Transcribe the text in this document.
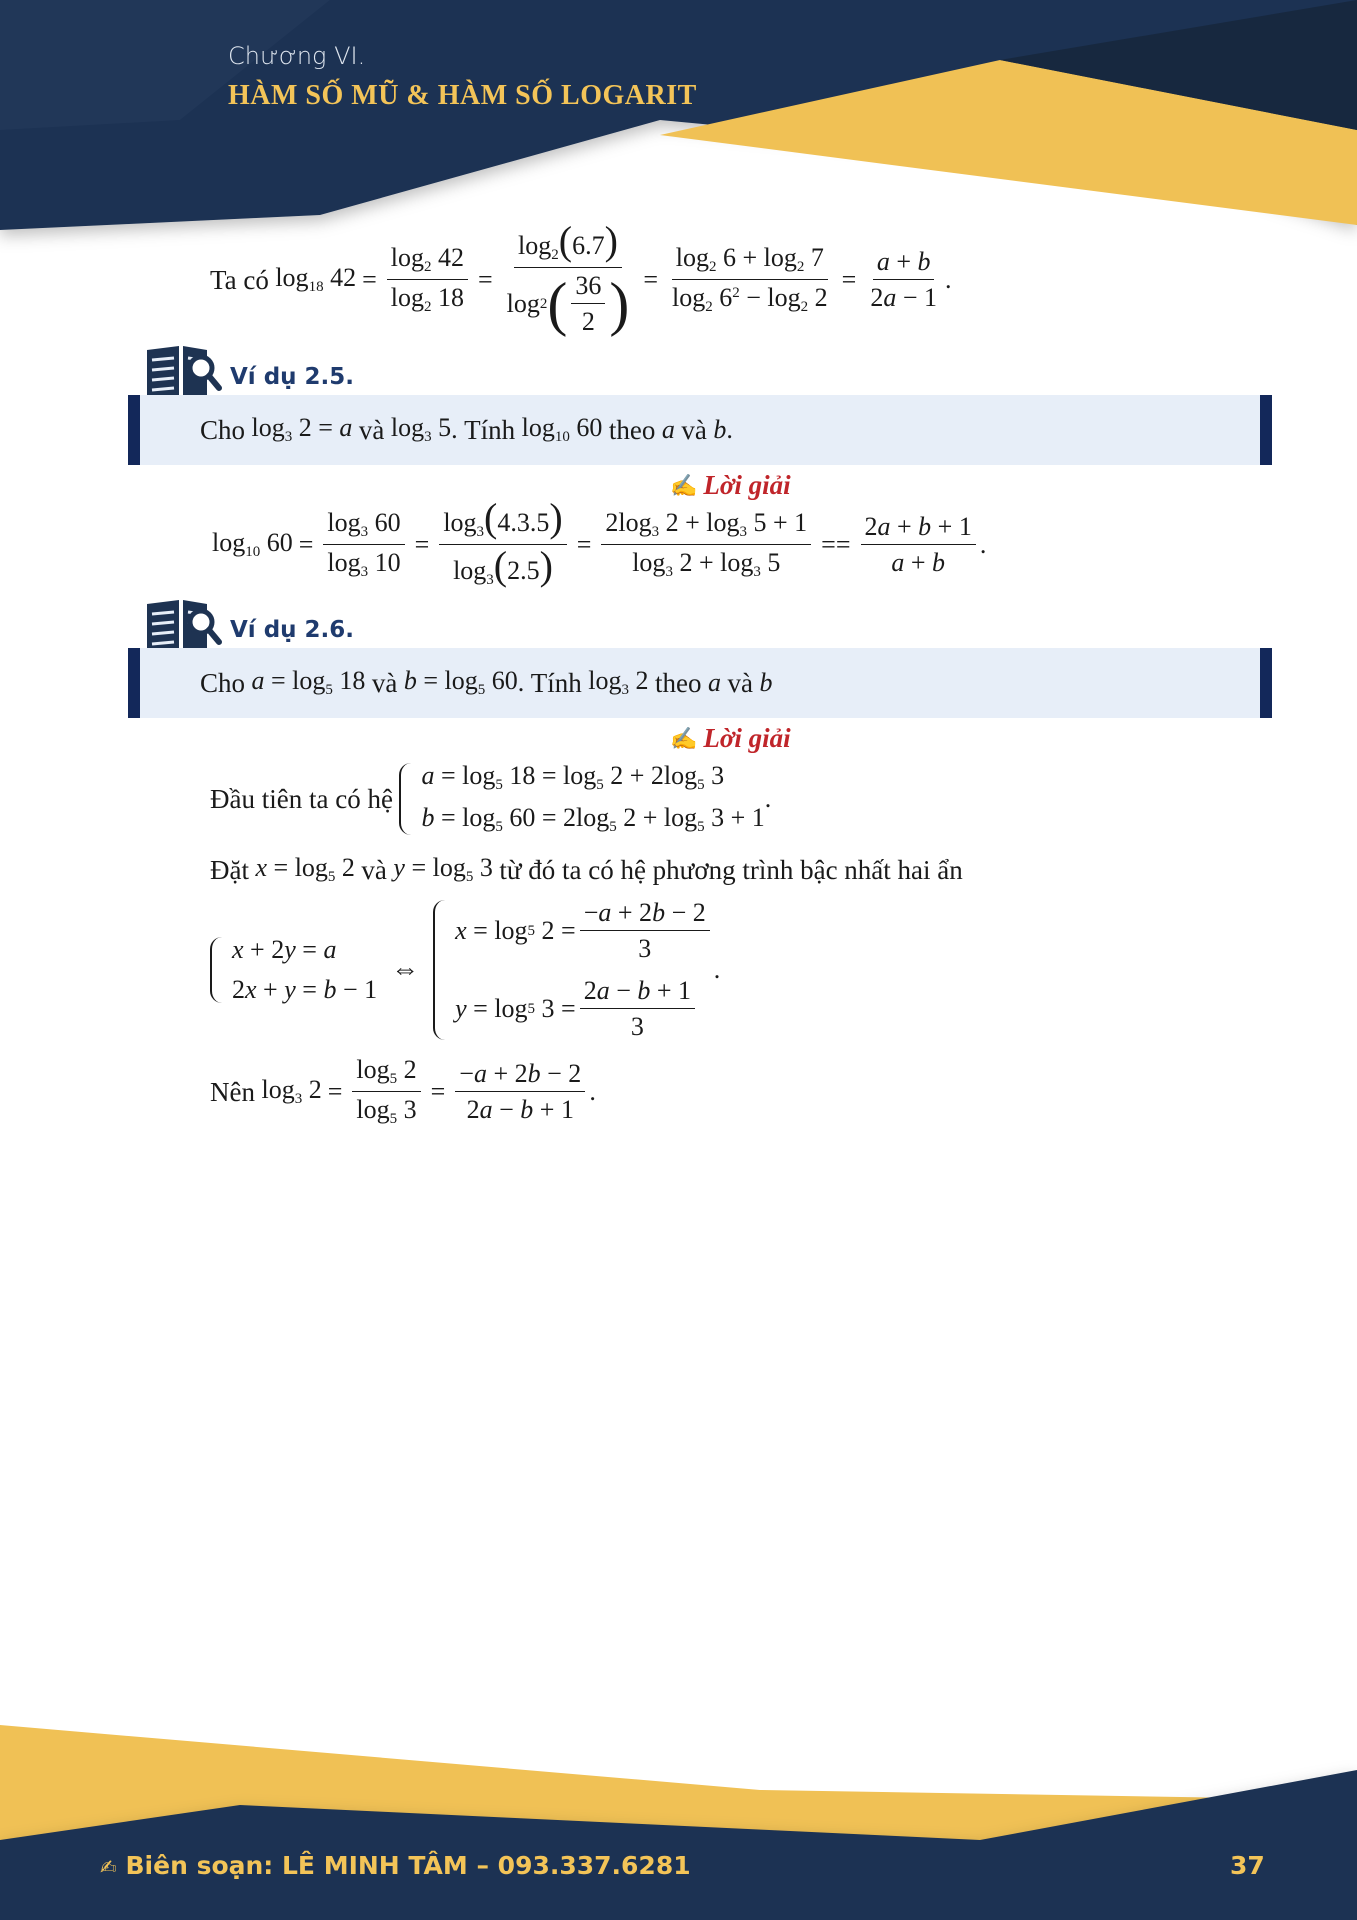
Chương VI.
HÀM SỐ MŨ & HÀM SỐ LOGARIT
Ta có
$\log_{18} 42 = \frac{\log_2 42}{\log_2 18} = \frac{\log_2(6.7)}{\log 2 ( \frac{36}{2} )} = \frac{\log_2 6 + \log_2 7}{\log_2 6^2 - \log_2 2} = \frac{a + b}{2a - 1}$ .
Ví dụ 2.5.
Cho
$\log_3 2 = a$
và
$\log_3 5$ . Tính
$\log_{10} 60$
theo
a
và
b .
✍ Lời giải
$\log_{10} 60 = \frac{\log_3 60}{\log_3 10} = \frac{\log_3(4.3.5)}{\log_3(2.5)} = \frac{2\log_3 2 + \log_3 5 + 1}{\log_3 2 + \log_3 5} == \frac{2a + b + 1}{a + b}$ .
Ví dụ 2.6.
Cho
$a = \log_5 18$
và
$b = \log_5 60$ . Tính
$\log_3 2$
theo
a
và
b
✍ Lời giải
Đầu tiên ta có hệ

$a = \log_5 18 = \log_5 2 + 2\log_5$ 3
$b = \log_5 60 = 2\log_5$ $2 + \log_5 3 + 1$
.
Đặt
$x = \log_5 2$
và
$y = \log_5 3$
từ đó ta có hệ phương trình bậc nhất hai ẩn
x + 2y = a
2x + y = b − 1
⇔
x = log 5 $2 = \frac{-a + 2b - 2}{3}$
y = log 5 $3 = \frac{2a - b + 1}{3}$
.
Nên
$\log_3 2 = \frac{\log_5 2}{\log_5 3} = \frac{-a + 2b - 2}{2a - b + 1}$ .
✍ Biên soạn: LÊ MINH TÂM – 093.337.6281	37
